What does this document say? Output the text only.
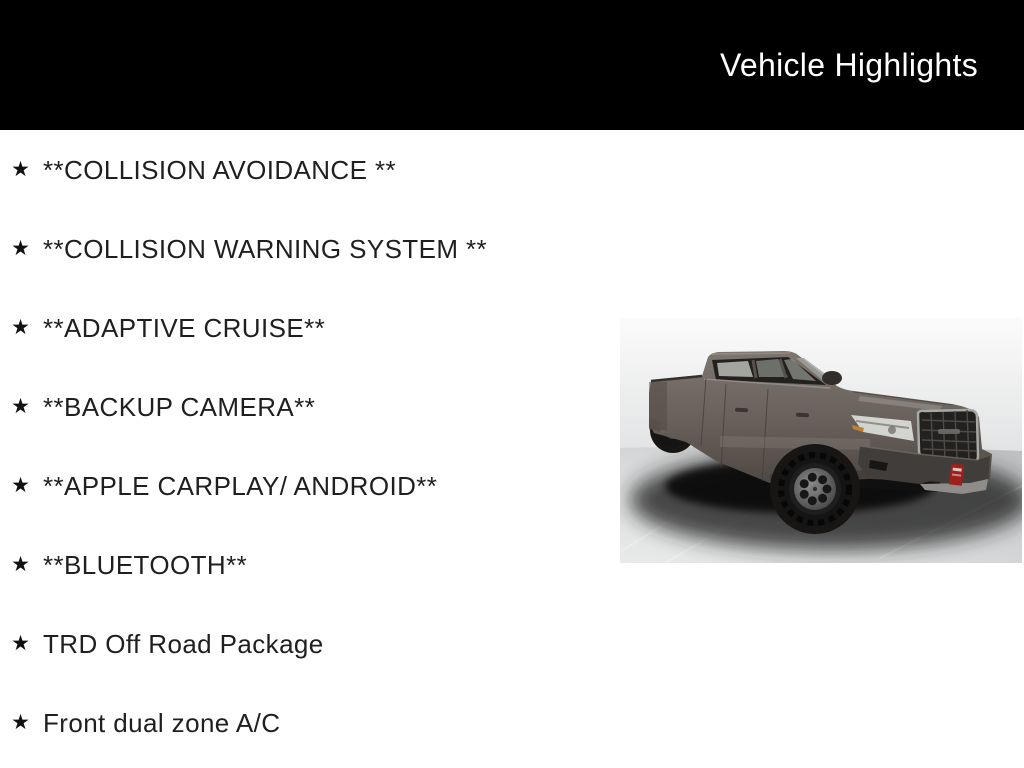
Vehicle Highlights
★ **COLLISION AVOIDANCE **
★ **COLLISION WARNING SYSTEM **
★ **ADAPTIVE CRUISE**
★ **BACKUP CAMERA**
★ **APPLE CARPLAY/ ANDROID**
★ **BLUETOOTH**
★ TRD Off Road Package
★ Front dual zone A/C
